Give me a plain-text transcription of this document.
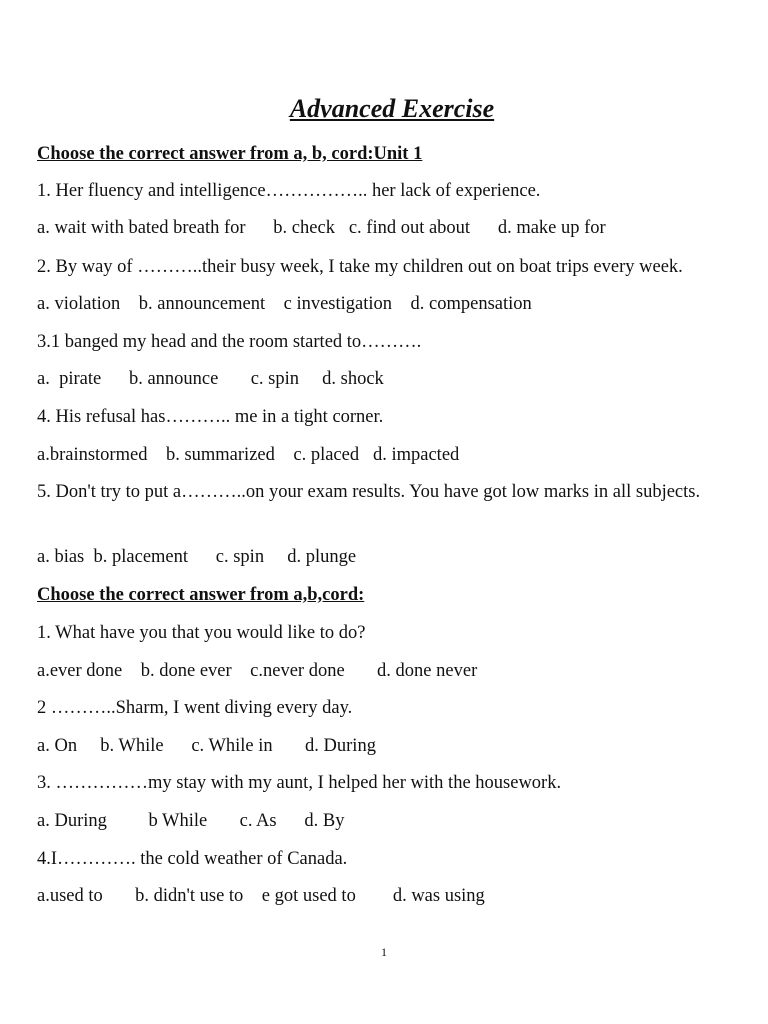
Advanced Exercise
Choose the correct answer from a, b, cord:Unit 1
1. Her fluency and intelligence…………….. her lack of experience.
a. wait with bated breath for      b. check   c. find out about      d. make up for
2. By way of ………..their busy week, I take my children out on boat trips every week.
a. violation    b. announcement    c investigation    d. compensation
3.1 banged my head and the room started to……….
a.  pirate      b. announce       c. spin     d. shock
4. His refusal has……….. me in a tight corner.
a.brainstormed    b. summarized    c. placed   d. impacted
5. Don't try to put a………..on your exam results. You have got low marks in all subjects.
a. bias  b. placement      c. spin     d. plunge
Choose the correct answer from a,b,cord:
1. What have you that you would like to do?
a.ever done    b. done ever    c.never done       d. done never
2 ………..Sharm, I went diving every day.
a. On     b. While      c. While in       d. During
3. ……………my stay with my aunt, I helped her with the housework.
a. During         b While       c. As      d. By
4.I…………. the cold weather of Canada.
a.used to       b. didn't use to    e got used to        d. was using
1
